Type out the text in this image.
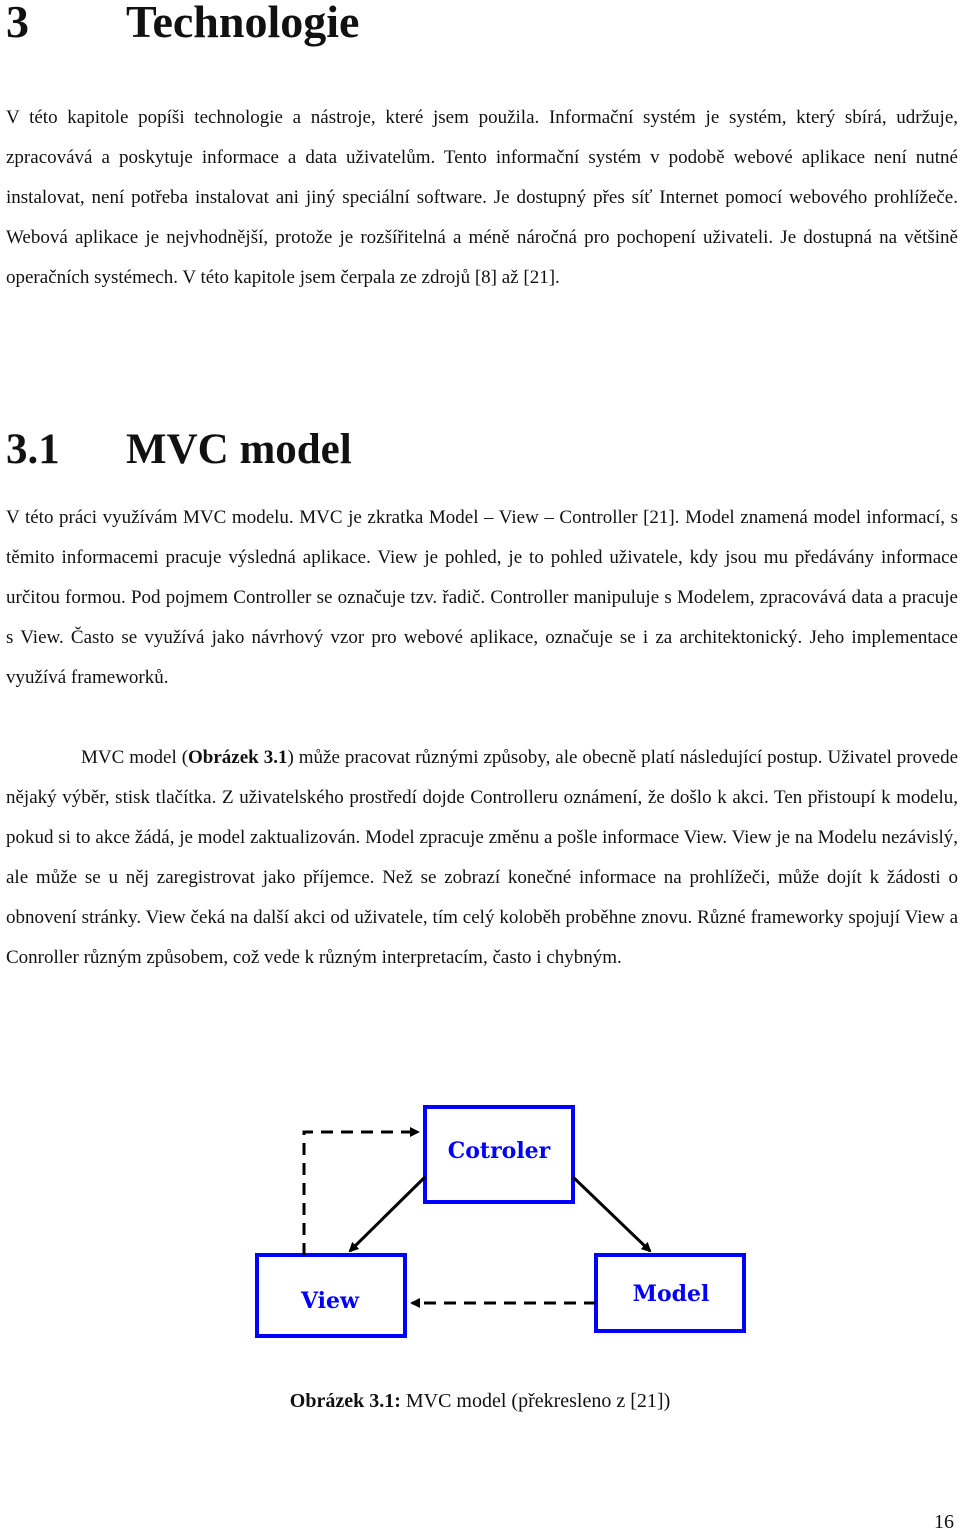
3 Technologie

V této kapitole popíši technologie a nástroje, které jsem použila. Informační systém je systém, který sbírá, udržuje, zpracovává a poskytuje informace a data uživatelům. Tento informační systém v podobě webové aplikace není nutné instalovat, není potřeba instalovat ani jiný speciální software. Je dostupný přes síť Internet pomocí webového prohlížeče. Webová aplikace je nejvhodnější, protože je rozšířitelná a méně náročná pro pochopení uživateli. Je dostupná na většině operačních systémech. V této kapitole jsem čerpala ze zdrojů [8] až [21].

3.1 MVC model

V této práci využívám MVC modelu. MVC je zkratka Model – View – Controller [21]. Model znamená model informací, s těmito informacemi pracuje výsledná aplikace. View je pohled, je to pohled uživatele, kdy jsou mu předávány informace určitou formou. Pod pojmem Controller se označuje tzv. řadič. Controller manipuluje s Modelem, zpracovává data a pracuje s View. Často se využívá jako návrhový vzor pro webové aplikace, označuje se i za architektonický. Jeho implementace využívá frameworků.

MVC model (Obrázek 3.1) může pracovat různými způsoby, ale obecně platí následující postup. Uživatel provede nějaký výběr, stisk tlačítka. Z uživatelského prostředí dojde Controlleru oznámení, že došlo k akci. Ten přistoupí k modelu, pokud si to akce žádá, je model zaktualizován. Model zpracuje změnu a pošle informace View. View je na Modelu nezávislý, ale může se u něj zaregistrovat jako příjemce. Než se zobrazí konečné informace na prohlížeči, může dojít k žádosti o obnovení stránky. View čeká na další akci od uživatele, tím celý koloběh proběhne znovu. Různé frameworky spojují View a Conroller různým způsobem, což vede k různým interpretacím, často i chybným.

Cotroler
View	Model

Obrázek 3.1: MVC model (překresleno z [21])

16
